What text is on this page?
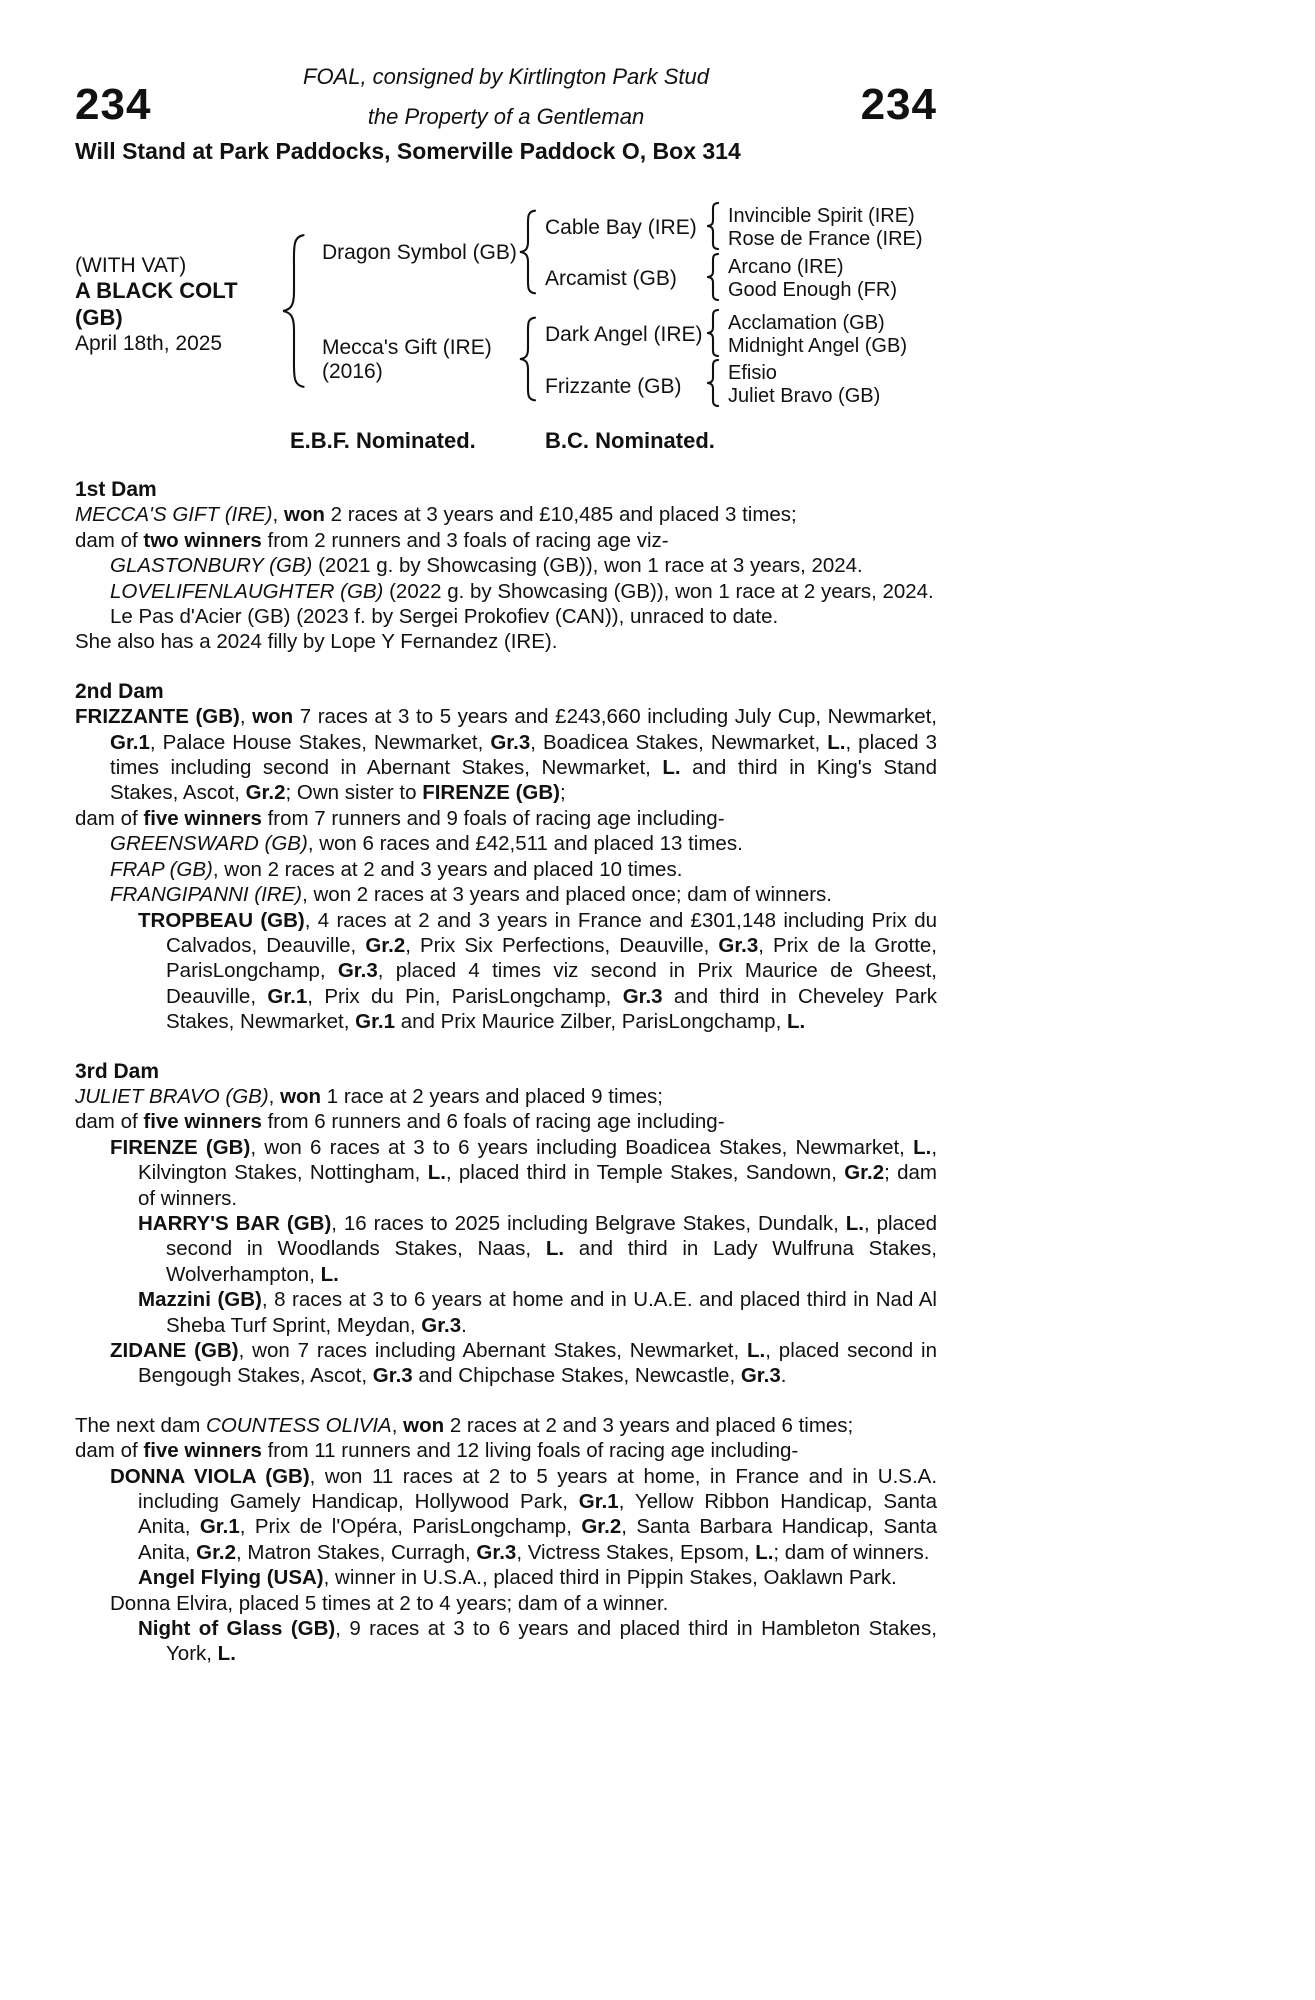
234	234
FOAL, consigned by Kirtlington Park Stud
the Property of a Gentleman
Will Stand at Park Paddocks, Somerville Paddock O, Box 314
(WITH VAT)
A BLACK COLT
(GB)
April 18th, 2025
Dragon Symbol (GB)
Mecca's Gift (IRE)
(2016)
Cable Bay (IRE)
Arcamist (GB)
Dark Angel (IRE)
Frizzante (GB)
Invincible Spirit (IRE)
Rose de France (IRE)
Arcano (IRE)
Good Enough (FR)
Acclamation (GB)
Midnight Angel (GB)
Efisio
Juliet Bravo (GB)
E.B.F. Nominated.	B.C. Nominated.
1st Dam
MECCA'S GIFT (IRE), won 2 races at 3 years and £10,485 and placed 3 times;
dam of two winners from 2 runners and 3 foals of racing age viz-
GLASTONBURY (GB) (2021 g. by Showcasing (GB)), won 1 race at 3 years, 2024.
LOVELIFENLAUGHTER (GB) (2022 g. by Showcasing (GB)), won 1 race at 2 years, 2024.
Le Pas d'Acier (GB) (2023 f. by Sergei Prokofiev (CAN)), unraced to date.
She also has a 2024 filly by Lope Y Fernandez (IRE).
2nd Dam
FRIZZANTE (GB), won 7 races at 3 to 5 years and £243,660 including July Cup, Newmarket, Gr.1, Palace House Stakes, Newmarket, Gr.3, Boadicea Stakes, Newmarket, L., placed 3 times including second in Abernant Stakes, Newmarket, L. and third in King's Stand Stakes, Ascot, Gr.2; Own sister to FIRENZE (GB);
dam of five winners from 7 runners and 9 foals of racing age including-
GREENSWARD (GB), won 6 races and £42,511 and placed 13 times.
FRAP (GB), won 2 races at 2 and 3 years and placed 10 times.
FRANGIPANNI (IRE), won 2 races at 3 years and placed once; dam of winners.
TROPBEAU (GB), 4 races at 2 and 3 years in France and £301,148 including Prix du Calvados, Deauville, Gr.2, Prix Six Perfections, Deauville, Gr.3, Prix de la Grotte, ParisLongchamp, Gr.3, placed 4 times viz second in Prix Maurice de Gheest, Deauville, Gr.1, Prix du Pin, ParisLongchamp, Gr.3 and third in Cheveley Park Stakes, Newmarket, Gr.1 and Prix Maurice Zilber, ParisLongchamp, L.
3rd Dam
JULIET BRAVO (GB), won 1 race at 2 years and placed 9 times;
dam of five winners from 6 runners and 6 foals of racing age including-
FIRENZE (GB), won 6 races at 3 to 6 years including Boadicea Stakes, Newmarket, L., Kilvington Stakes, Nottingham, L., placed third in Temple Stakes, Sandown, Gr.2; dam of winners.
HARRY'S BAR (GB), 16 races to 2025 including Belgrave Stakes, Dundalk, L., placed second in Woodlands Stakes, Naas, L. and third in Lady Wulfruna Stakes, Wolverhampton, L.
Mazzini (GB), 8 races at 3 to 6 years at home and in U.A.E. and placed third in Nad Al Sheba Turf Sprint, Meydan, Gr.3.
ZIDANE (GB), won 7 races including Abernant Stakes, Newmarket, L., placed second in Bengough Stakes, Ascot, Gr.3 and Chipchase Stakes, Newcastle, Gr.3.
The next dam COUNTESS OLIVIA, won 2 races at 2 and 3 years and placed 6 times;
dam of five winners from 11 runners and 12 living foals of racing age including-
DONNA VIOLA (GB), won 11 races at 2 to 5 years at home, in France and in U.S.A. including Gamely Handicap, Hollywood Park, Gr.1, Yellow Ribbon Handicap, Santa Anita, Gr.1, Prix de l'Opéra, ParisLongchamp, Gr.2, Santa Barbara Handicap, Santa Anita, Gr.2, Matron Stakes, Curragh, Gr.3, Victress Stakes, Epsom, L.; dam of winners.
Angel Flying (USA), winner in U.S.A., placed third in Pippin Stakes, Oaklawn Park.
Donna Elvira, placed 5 times at 2 to 4 years; dam of a winner.
Night of Glass (GB), 9 races at 3 to 6 years and placed third in Hambleton Stakes, York, L.
